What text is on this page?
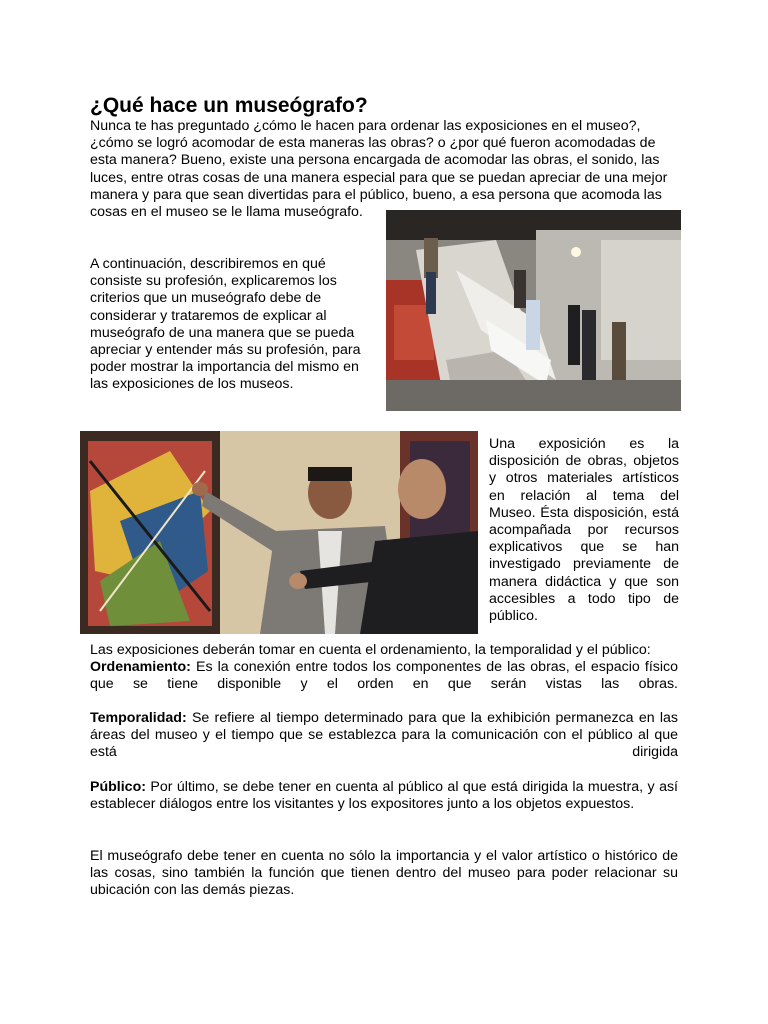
¿Qué hace un museógrafo?

Nunca te has preguntado ¿cómo le hacen para ordenar las exposiciones en el museo?, ¿cómo se logró acomodar de esta maneras las obras? o ¿por qué fueron acomodadas de esta manera? Bueno, existe una persona encargada de acomodar las obras, el sonido, las luces, entre otras cosas de una manera especial para que se puedan apreciar de una mejor manera y para que sean divertidas para el público, bueno, a esa persona que acomoda las cosas en el museo se le llama museógrafo.

A continuación, describiremos en qué consiste su profesión, explicaremos los criterios que un museógrafo debe de considerar y trataremos de explicar al museógrafo de una manera que se pueda apreciar y entender más su profesión, para poder mostrar la importancia del mismo en las exposiciones de los museos.

Una exposición es la disposición de obras, objetos y otros materiales artísticos en relación al tema del Museo. Ésta disposición, está acompañada por recursos explicativos que se han investigado previamente de manera didáctica y que son accesibles a todo tipo de público.

Las exposiciones deberán tomar en cuenta el ordenamiento, la temporalidad y el público:
Ordenamiento: Es la conexión entre todos los componentes de las obras, el espacio físico que se tiene disponible y el orden en que serán vistas las obras.

Temporalidad: Se refiere al tiempo determinado para que la exhibición permanezca en las áreas del museo y el tiempo que se establezca para la comunicación con el público al que está dirigida

Público: Por último, se debe tener en cuenta al público al que está dirigida la muestra, y así establecer diálogos entre los visitantes y los expositores junto a los objetos expuestos.

El museógrafo debe tener en cuenta no sólo la importancia y el valor artístico o histórico de las cosas, sino también la función que tienen dentro del museo para poder relacionar su ubicación con las demás piezas.
